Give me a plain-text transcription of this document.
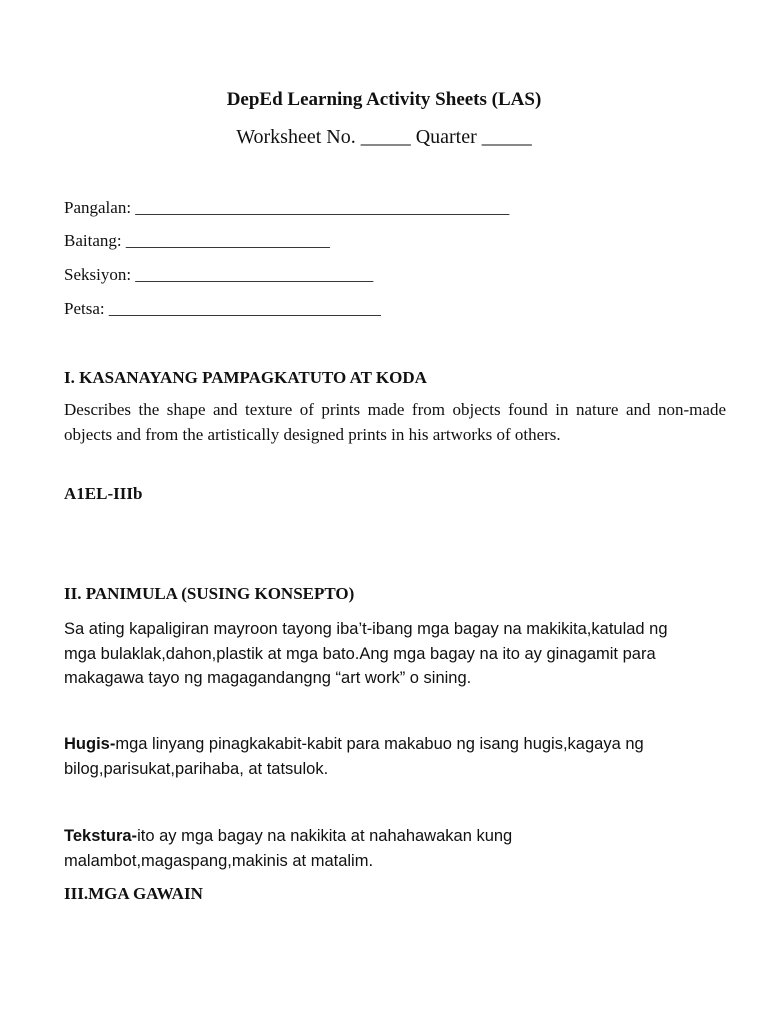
DepEd Learning Activity Sheets (LAS)
Worksheet No. _____ Quarter _____
Pangalan: ____________________________________________
Baitang: ________________________
Seksiyon: ____________________________
Petsa: ________________________________
I. KASANAYANG PAMPAGKATUTO AT KODA
Describes the shape and texture of prints made from objects found in nature and non-made objects and from the artistically designed prints in his artworks of others.
A1EL-IIIb
II. PANIMULA (SUSING KONSEPTO)
Sa ating kapaligiran mayroon tayong iba’t-ibang mga bagay na makikita,katulad ng mga bulaklak,dahon,plastik at mga bato.Ang mga bagay na ito ay ginagamit para makagawa tayo ng magagandangng “art work” o sining.
Hugis-mga linyang pinagkakabit-kabit para makabuo ng isang hugis,kagaya ng bilog,parisukat,parihaba, at tatsulok.
Tekstura-ito ay mga bagay na nakikita at nahahawakan kung malambot,magaspang,makinis at matalim.
III.MGA GAWAIN
